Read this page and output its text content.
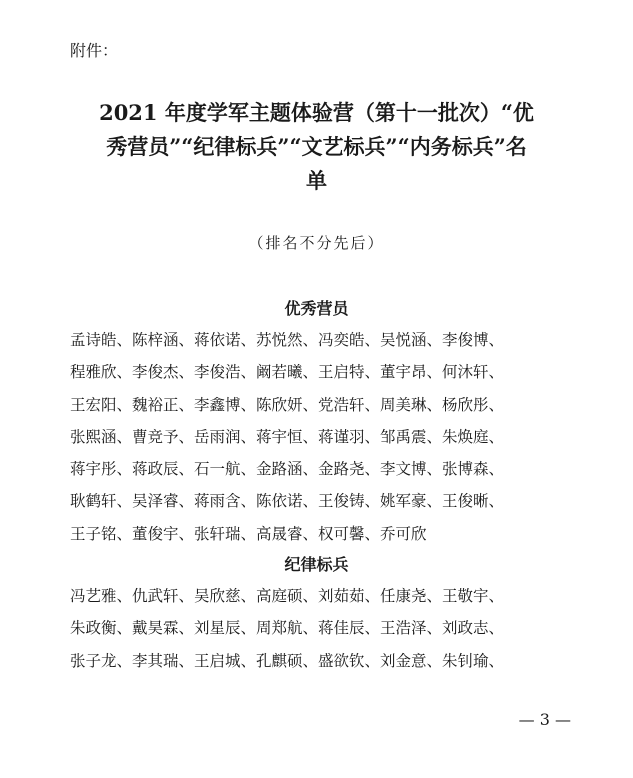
附件：
2021 年度学军主题体验营（第十一批次）“优
秀营员”“纪律标兵”“文艺标兵”“内务标兵”名
单
（排名不分先后）
优秀营员
孟诗皓、陈梓涵、蒋依诺、苏悦然、冯奕皓、吴悦涵、李俊博、
程雅欣、李俊杰、李俊浩、阚若曦、王启特、董宇昂、何沐轩、
王宏阳、魏裕正、李鑫博、陈欣妍、党浩轩、周美琳、杨欣彤、
张熙涵、曹竞予、岳雨润、蒋宇恒、蒋谨羽、邹禹震、朱焕庭、
蒋宇彤、蒋政辰、石一航、金路涵、金路尧、李文博、张博森、
耿鹤轩、吴泽睿、蒋雨含、陈依诺、王俊铸、姚军豪、王俊晰、
王子铭、董俊宇、张轩瑞、高晟睿、权可馨、乔可欣
纪律标兵
冯艺雅、仇武轩、吴欣慈、高庭硕、刘茹茹、任康尧、王敬宇、
朱政衡、戴昊霖、刘星辰、周郑航、蒋佳辰、王浩泽、刘政志、
张子龙、李其瑞、王启城、孔麒硕、盛欲钦、刘金意、朱钊瑜、
— 3 —
